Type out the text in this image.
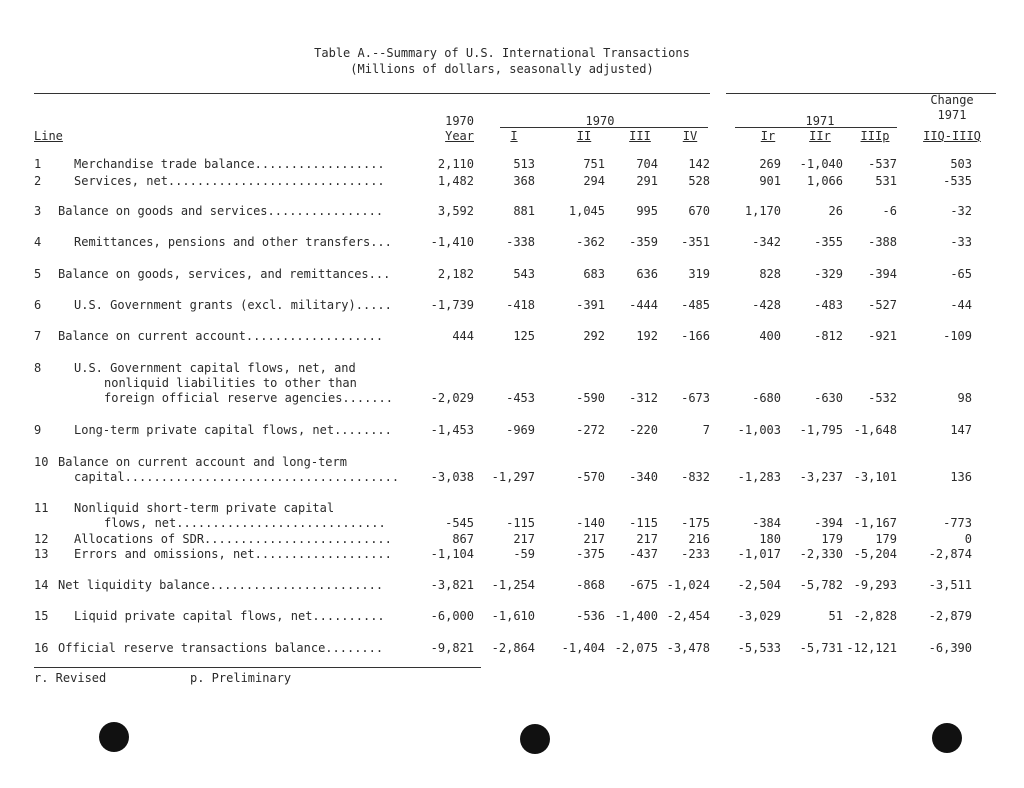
Table A.--Summary of U.S. International Transactions
(Millions of dollars, seasonally adjusted)
Change
1971
1970	1970	1971
Line	Year	I	II	III	IV	Ir	IIr	IIIp	IIQ-IIIQ
1	Merchandise trade balance..................	2,110	513	751	704	142	269	-1,040	-537	503
2	Services, net..............................	1,482	368	294	291	528	901	1,066	531	-535
3 Balance on goods and services................	3,592	881	1,045	995	670	1,170	26	-6	-32
4	Remittances, pensions and other transfers...	-1,410	-338	-362	-359	-351	-342	-355	-388	-33
5 Balance on goods, services, and remittances...	2,182	543	683	636	319	828	-329	-394	-65
6	U.S. Government grants (excl. military).....	-1,739	-418	-391	-444	-485	-428	-483	-527	-44
7 Balance on current account...................	444	125	292	192	-166	400	-812	-921	-109
8	U.S. Government capital flows, net, and
nonliquid liabilities to other than
foreign official reserve agencies.......	-2,029	-453	-590	-312	-673	-680	-630	-532	98
9	Long-term private capital flows, net........	-1,453	-969	-272	-220	7	-1,003	-1,795 -1,648	147
10 Balance on current account and long-term
capital......................................	-3,038	-1,297	-570	-340	-832	-1,283	-3,237 -3,101	136
11 Nonliquid short-term private capital
flows, net.............................	-545	-115	-140	-115	-175	-384	-394 -1,167	-773
12 Allocations of SDR..........................	867	217	217	217	216	180	179	179	0
13 Errors and omissions, net...................	-1,104	-59	-375	-437	-233	-1,017	-2,330 -5,204	-2,874
14 Net liquidity balance........................	-3,821	-1,254	-868	-675 -1,024	-2,504	-5,782 -9,293	-3,511
15 Liquid private capital flows, net..........	-6,000	-1,610	-536 -1,400 -2,454	-3,029	51 -2,828	-2,879
16 Official reserve transactions balance........	-9,821	-2,864	-1,404 -2,075 -3,478	-5,533	-5,731 -12,121	-6,390
r. Revised	p. Preliminary
